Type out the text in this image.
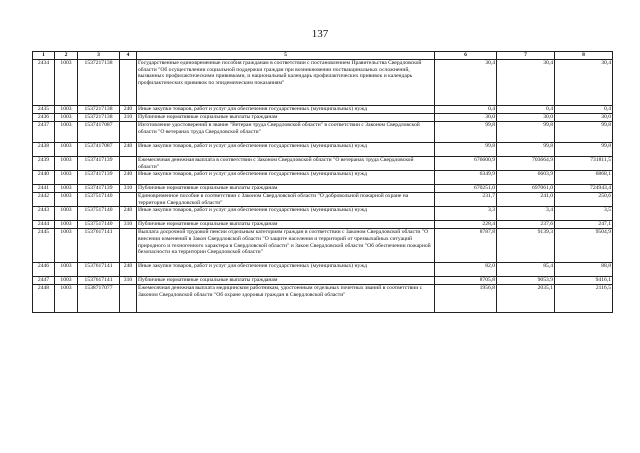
137
1	2	3	4	5	6	7	8
2434	1003	1537217138		Государственные единовременные пособия гражданам в соответствии с постановлением Правительства Свердловской области "Об осуществлении социальной поддержки граждан при возникновении поствакцинальных осложнений, вызванных профилактическими прививками, и национальный календарь профилактических прививок и календарь профилактических прививок по эпидемическим показаниям"	30,4	30,4	30,4
2435	1003	1537217138	240	Иные закупки товаров, работ и услуг для обеспечения государственных (муниципальных) нужд	0,4	0,4	0,4
2436	1003	1537217138	310	Публичные нормативные социальные выплаты гражданам	30,0	30,0	30,0
2437	1003	1537417087		Изготовление удостоверений в звание "Ветеран труда Свердловской области" в соответствии с Законом Свердловской области "О ветеранах труда Свердловской области"	99,8	99,8	99,8
2438	1003	1537417087	240	Иные закупки товаров, работ и услуг для обеспечения государственных (муниципальных) нужд	99,8	99,8	99,8
2439	1003	1537417139		Ежемесячная денежная выплата в соответствии с Законом Свердловской области "О ветеранах труда Свердловской области"	676600,9	703664,9	731811,5
2440	1003	1537417139	240	Иные закупки товаров, работ и услуг для обеспечения государственных (муниципальных) нужд	6349,9	6603,9	6868,1
2441	1003	1537417139	310	Публичные нормативные социальные выплаты гражданам	670251,0	697061,0	724943,4
2442	1003	1537517140		Единовременное пособие в соответствии с Законом Свердловской области "О добровольной пожарной охране на территории Свердловской области"	231,7	241,0	250,6
2443	1003	1537517140	240	Иные закупки товаров, работ и услуг для обеспечения государственных (муниципальных) нужд	3,3	3,4	3,5
2444	1003	1537517140	310	Публичные нормативные социальные выплаты гражданам	228,4	237,6	247,1
2445	1003	1537617141		Выплата досрочной трудовой пенсии отдельным категориям граждан в соответствии с Законом Свердловской области "О внесении изменений в Закон Свердловской области "О защите населения и территорий от чрезвычайных ситуаций природного и техногенного характера в Свердловской области" и Закон Свердловской области "Об обеспечении пожарной безопасности на территории Свердловской области"	8787,8	9139,3	9504,9
2446	1003	1537617141	240	Иные закупки товаров, работ и услуг для обеспечения государственных (муниципальных) нужд	82,0	85,4	88,8
2447	1003	1537617141	310	Публичные нормативные социальные выплаты гражданам	8705,8	9053,9	9416,1
2448	1003	1538717077		Ежемесячная денежная выплата медицинским работникам, удостоенным отдельных почетных званий в соответствии с Законом Свердловской области "Об охране здоровья граждан в Свердловской области"	1956,8	2035,1	2116,5
